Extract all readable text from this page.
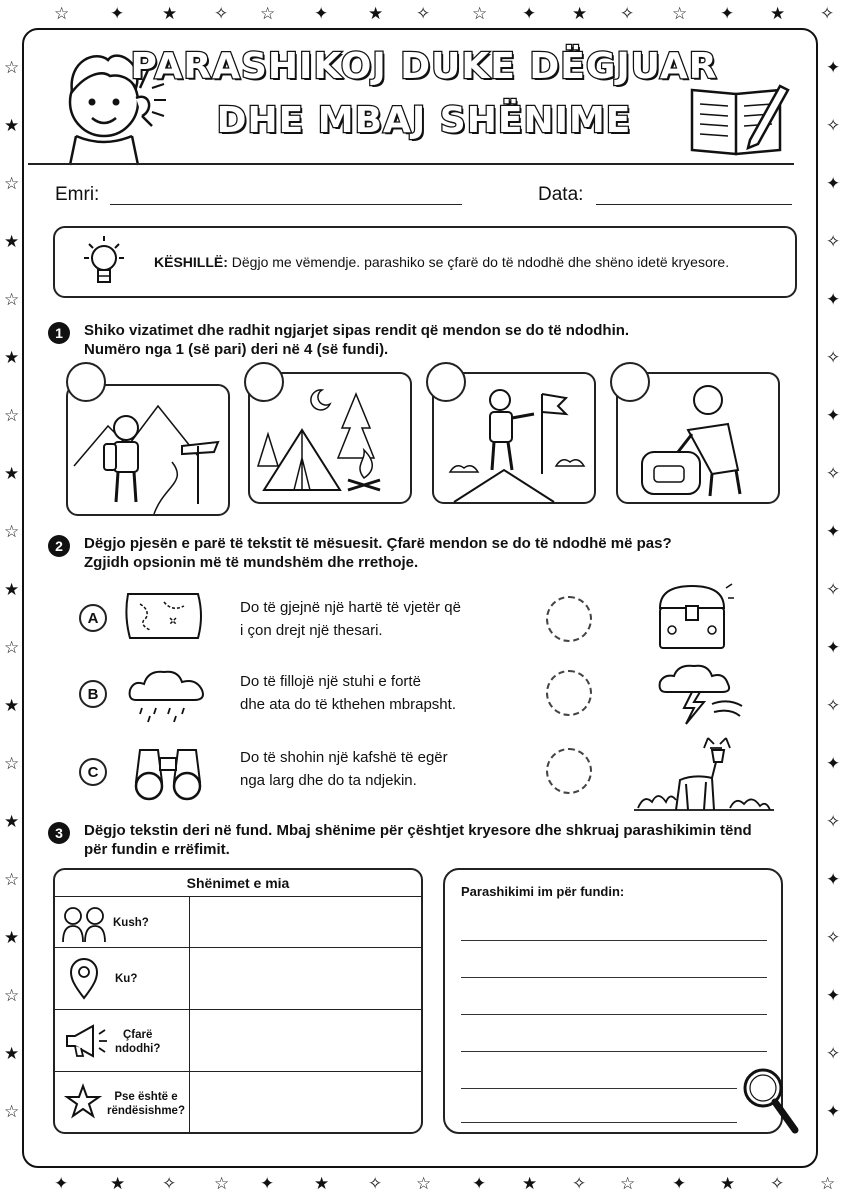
☆ ✦ ★ ✧ ☆ ✦ ★ ✧ ☆ ✦ ★ ✧ ☆ ✦ ★ ✧
✦ ★ ✧ ☆ ✦ ★ ✧ ☆ ✦ ★ ✧ ☆ ✦ ★ ✧ ☆
☆	✦
★	✧
☆	✦
★	✧
☆	✦
★	✧
☆	✦
★	✧
☆	✦
★	✧
☆	✦
★	✧
☆	✦
★	✧
☆	✦
★	✧
☆	✦
★	✧
☆	✦
PARASHIKOJ DUKE DËGJUAR
DHE MBAJ SHËNIME
Emri:	Data:
KËSHILLË: Dëgjo me vëmendje. parashiko se çfarë do të ndodhë dhe shëno idetë kryesore.
1	Shiko vizatimet dhe radhit ngjarjet sipas rendit që mendon se do të ndodhin.
Numëro nga 1 (së pari) deri në 4 (së fundi).
2	Dëgjo pjesën e parë të tekstit të mësuesit. Çfarë mendon se do të ndodhë më pas?
Zgjidh opsionin më të mundshëm dhe rrethoje.
A
Do të gjejnë një hartë të vjetër që
i çon drejt një thesari.
B
Do të fillojë një stuhi e fortë
dhe ata do të kthehen mbrapsht.
C
Do të shohin një kafshë të egër
nga larg dhe do ta ndjekin.
3	Dëgjo tekstin deri në fund. Mbaj shënime për çështjet kryesore dhe shkruaj parashikimin tënd
për fundin e rrëfimit.
Shënimet e mia
Kush?
Ku?
Çfarë
ndodhi?
Pse është e
rëndësishme?
Parashikimi im për fundin:
